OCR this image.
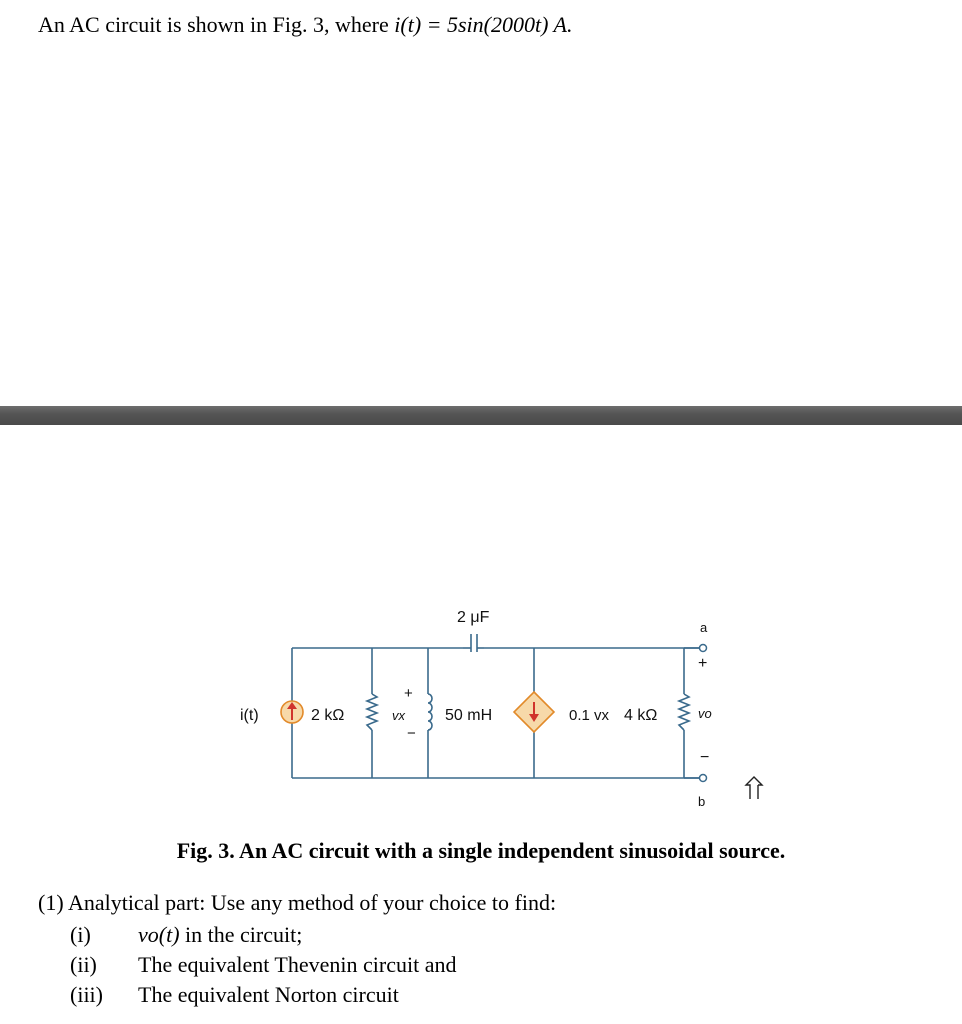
An AC circuit is shown in Fig. 3, where i(t) = 5sin(2000t) A.
i(t)	2 kΩ	vx
+
−
2 μF
50 mH	0.1 vx 4 kΩ
a
+
vo
−
b
Fig. 3. An AC circuit with a single independent sinusoidal source.
(1) Analytical part: Use any method of your choice to find:
(i) vo(t) in the circuit;
(ii) The equivalent Thevenin circuit and
(iii) The equivalent Norton circuit
